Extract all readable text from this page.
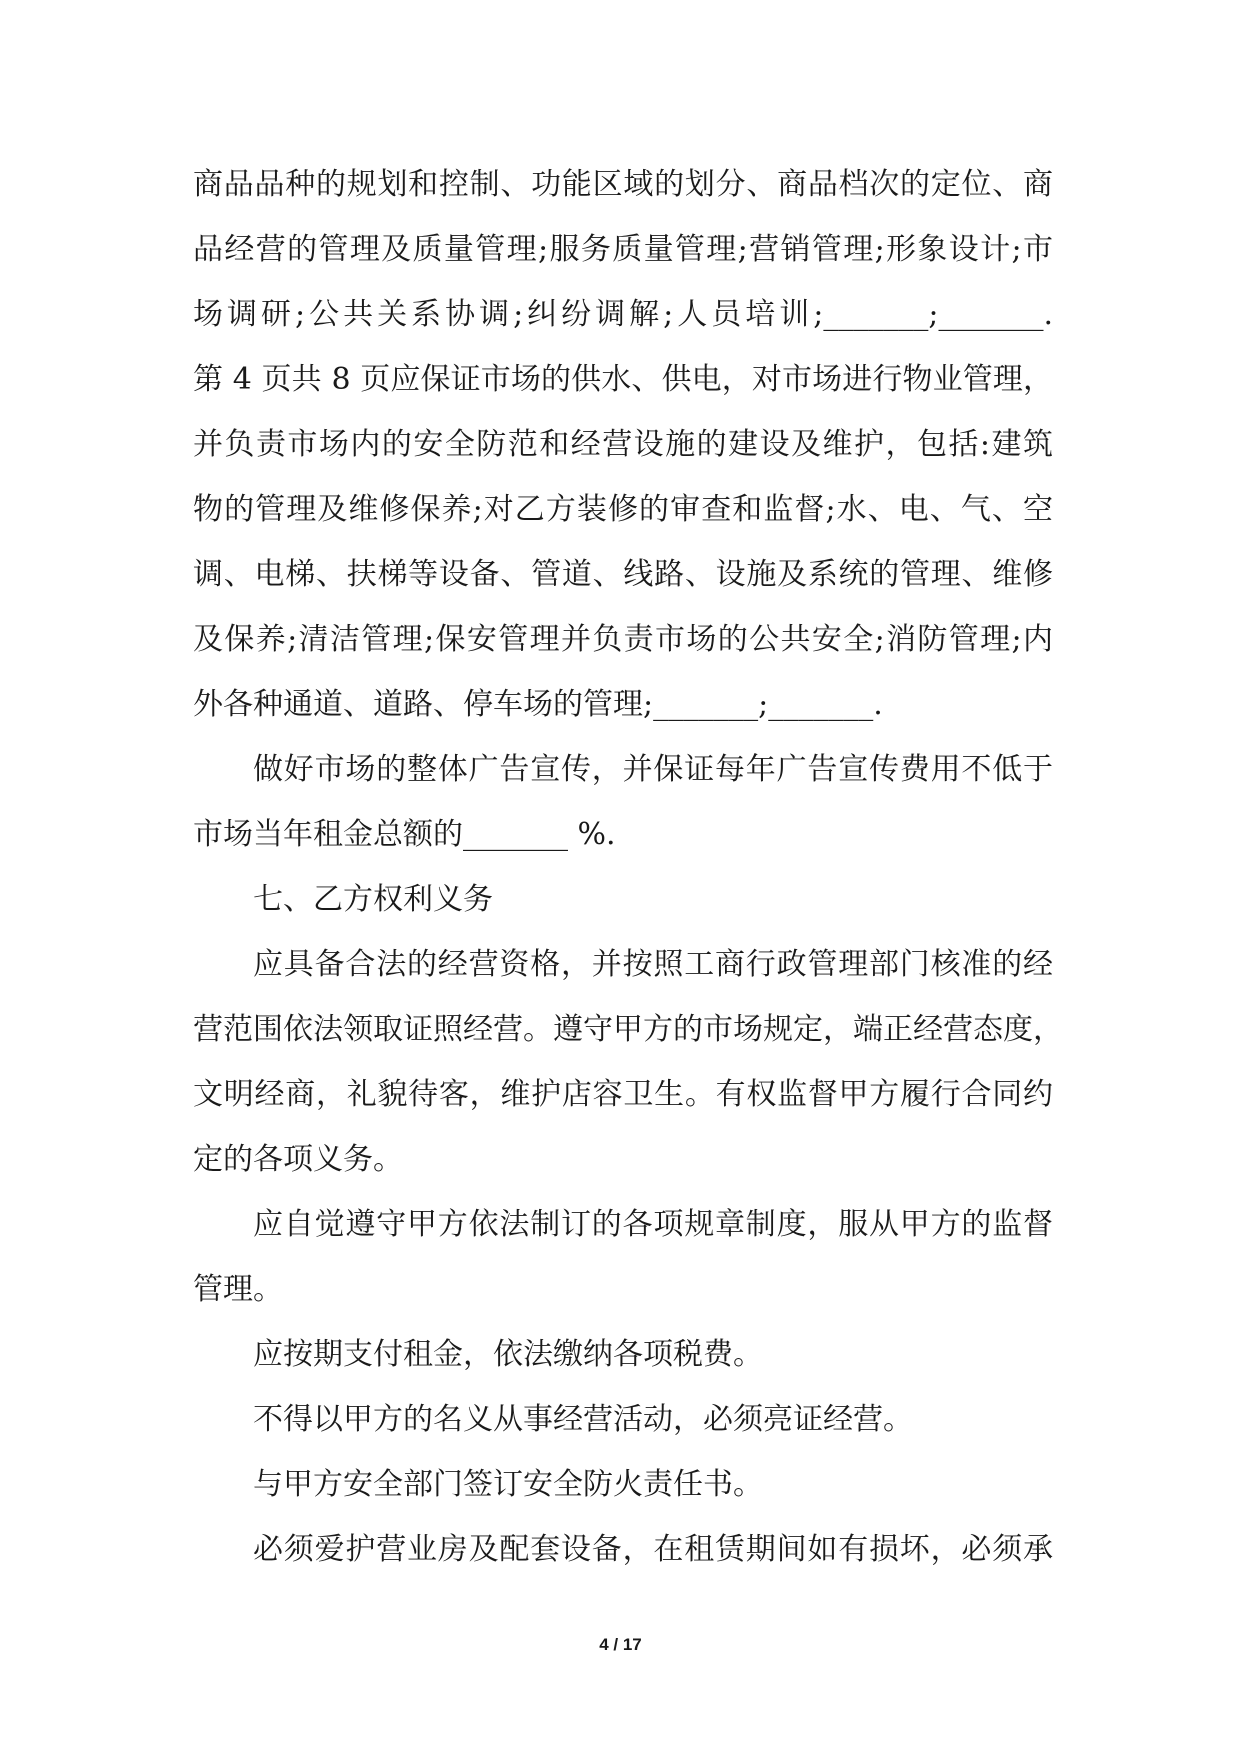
商品品种的规划和控制、功能区域的划分、商品档次的定位、商
品经营的管理及质量管理;服务质量管理;营销管理;形象设计;市
场调研;公共关系协调;纠纷调解;人员培训;_______;_______.
第 4 页共 8 页应保证市场的供水、供电，对市场进行物业管理，
并负责市场内的安全防范和经营设施的建设及维护，包括:建筑
物的管理及维修保养;对乙方装修的审查和监督;水、电、气、空
调、电梯、扶梯等设备、管道、线路、设施及系统的管理、维修
及保养;清洁管理;保安管理并负责市场的公共安全;消防管理;内
外各种通道、道路、停车场的管理;_______;_______.
做好市场的整体广告宣传，并保证每年广告宣传费用不低于
市场当年租金总额的_______ %.
七、乙方权利义务
应具备合法的经营资格，并按照工商行政管理部门核准的经
营范围依法领取证照经营。遵守甲方的市场规定，端正经营态度，
文明经商，礼貌待客，维护店容卫生。有权监督甲方履行合同约
定的各项义务。
应自觉遵守甲方依法制订的各项规章制度，服从甲方的监督
管理。
应按期支付租金，依法缴纳各项税费。
不得以甲方的名义从事经营活动，必须亮证经营。
与甲方安全部门签订安全防火责任书。
必须爱护营业房及配套设备，在租赁期间如有损坏，必须承
4 / 17
